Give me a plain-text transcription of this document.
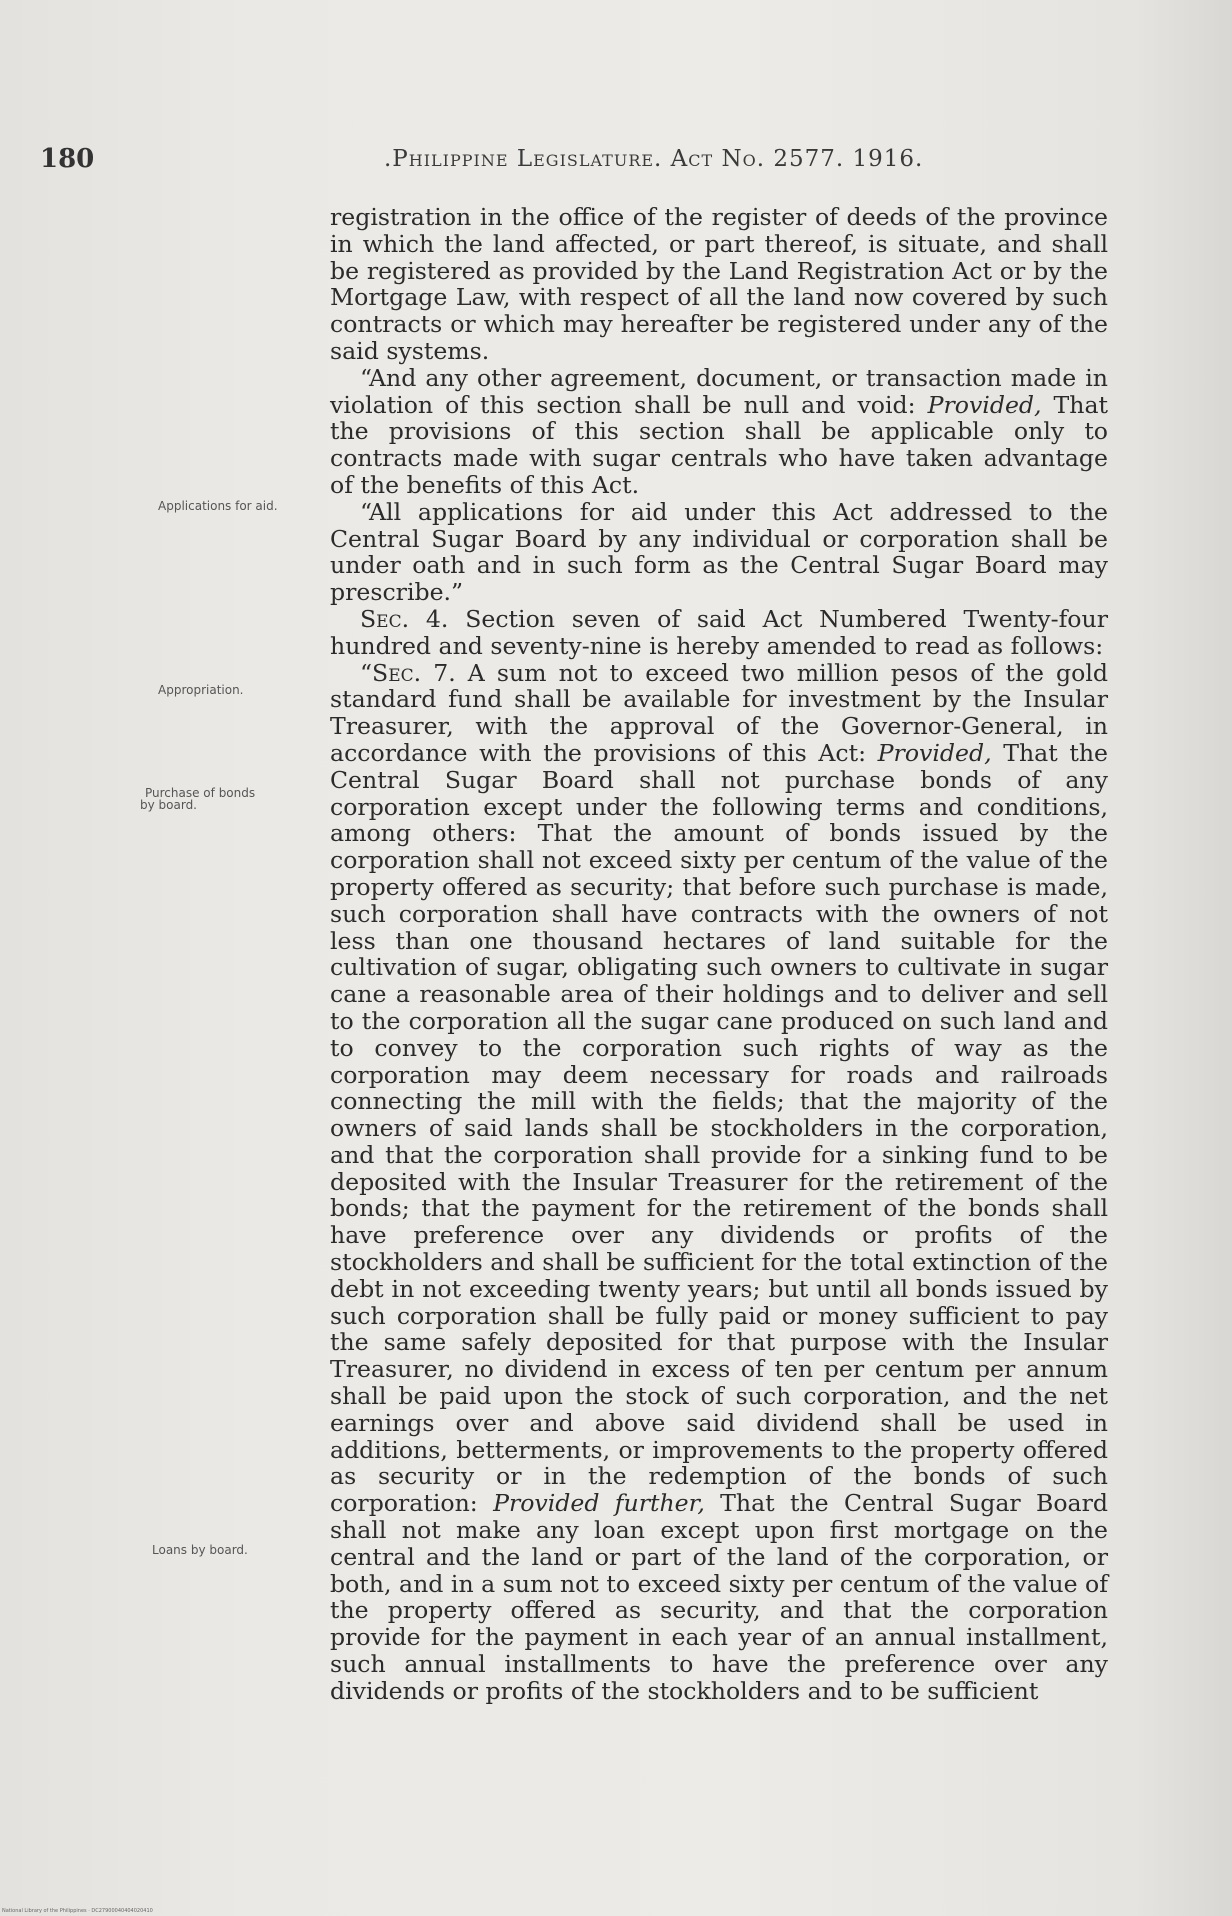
180	.Philippine Legislature. Act No. 2577. 1916.
Applications for aid.
Appropriation.
Purchase of bonds
by board.
Loans by board.

registration in the office of the register of deeds of the province in which the land affected, or part thereof, is situate, and shall be registered as provided by the Land Registration Act or by the Mortgage Law, with respect of all the land now covered by such contracts or which may hereafter be registered under any of the said systems.

“And any other agreement, document, or transaction made in violation of this section shall be null and void: Provided, That the provisions of this section shall be applicable only to contracts made with sugar centrals who have taken advantage of the benefits of this Act.

“All applications for aid under this Act addressed to the Central Sugar Board by any individual or corporation shall be under oath and in such form as the Central Sugar Board may prescribe.”

Sec. 4. Section seven of said Act Numbered Twenty-four hundred and seventy-nine is hereby amended to read as follows:

“Sec. 7. A sum not to exceed two million pesos of the gold standard fund shall be available for investment by the Insular Treasurer, with the approval of the Governor-General, in accordance with the provisions of this Act: Provided, That the Central Sugar Board shall not purchase bonds of any corporation except under the following terms and conditions, among others: That the amount of bonds issued by the corporation shall not exceed sixty per centum of the value of the property offered as security; that before such purchase is made, such corporation shall have contracts with the owners of not less than one thousand hectares of land suitable for the cultivation of sugar, obligating such owners to cultivate in sugar cane a reasonable area of their holdings and to deliver and sell to the corporation all the sugar cane produced on such land and to convey to the corporation such rights of way as the corporation may deem necessary for roads and railroads connecting the mill with the fields; that the majority of the owners of said lands shall be stockholders in the corporation, and that the corporation shall provide for a sinking fund to be deposited with the Insular Treasurer for the retirement of the bonds; that the payment for the retirement of the bonds shall have preference over any dividends or profits of the stockholders and shall be sufficient for the total extinction of the debt in not exceeding twenty years; but until all bonds issued by such corporation shall be fully paid or money sufficient to pay the same safely deposited for that purpose with the Insular Treasurer, no dividend in excess of ten per centum per annum shall be paid upon the stock of such corporation, and the net earnings over and above said dividend shall be used in additions, betterments, or improvements to the property offered as security or in the redemption of the bonds of such corporation: Provided further, That the Central Sugar Board shall not make any loan except upon first mortgage on the central and the land or part of the land of the corporation, or both, and in a sum not to exceed sixty per centum of the value of the property offered as security, and that the corporation provide for the payment in each year of an annual installment, such annual installments to have the preference over any dividends or profits of the stockholders and to be sufficient

National Library of the Philippines · DC27900040404020410
